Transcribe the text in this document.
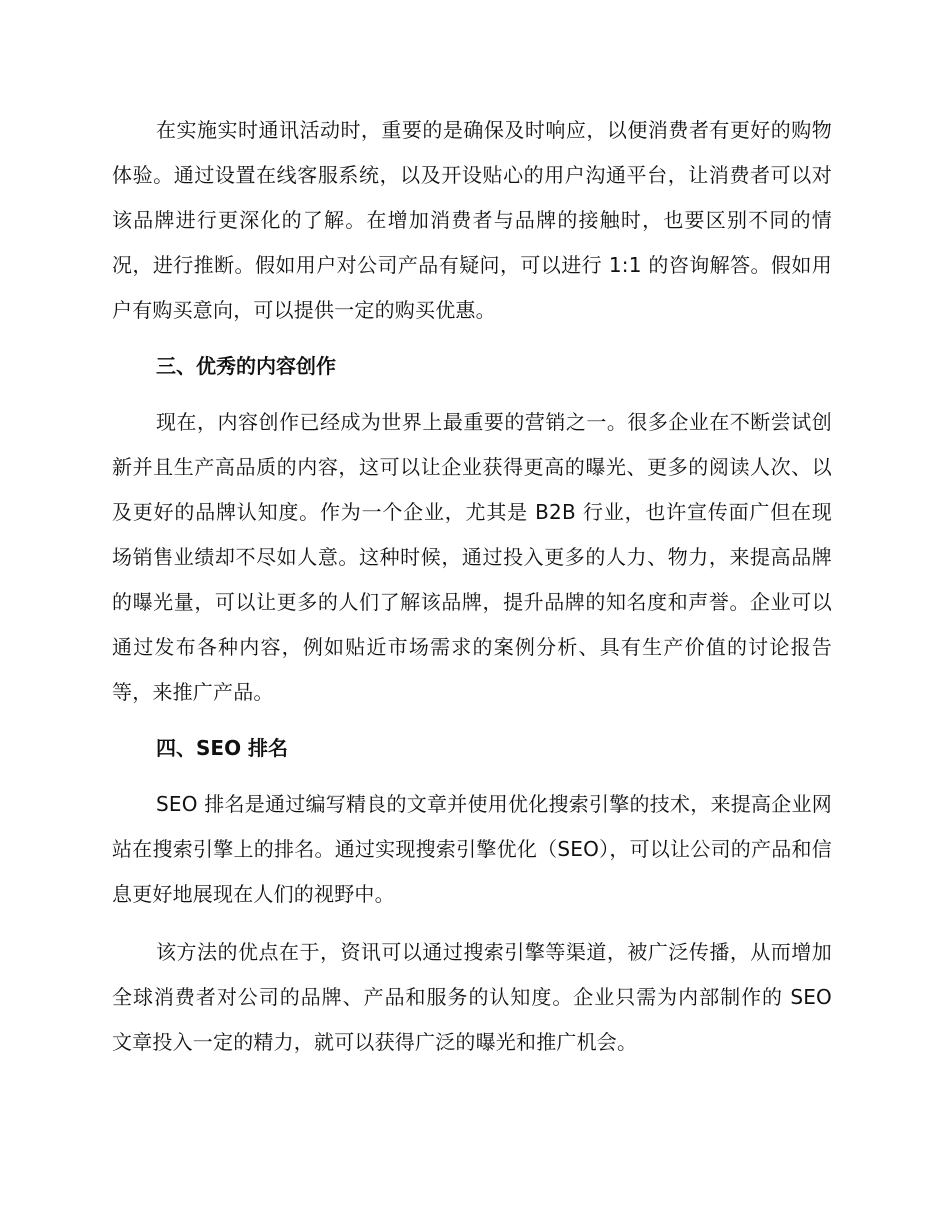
在实施实时通讯活动时，重要的是确保及时响应，以便消费者有更好的购物体验。通过设置在线客服系统，以及开设贴心的用户沟通平台，让消费者可以对该品牌进行更深化的了解。在增加消费者与品牌的接触时，也要区别不同的情况，进行推断。假如用户对公司产品有疑问，可以进行 1:1 的咨询解答。假如用户有购买意向，可以提供一定的购买优惠。

三、优秀的内容创作

现在，内容创作已经成为世界上最重要的营销之一。很多企业在不断尝试创新并且生产高品质的内容，这可以让企业获得更高的曝光、更多的阅读人次、以及更好的品牌认知度。作为一个企业，尤其是 B2B 行业，也许宣传面广但在现场销售业绩却不尽如人意。这种时候，通过投入更多的人力、物力，来提高品牌的曝光量，可以让更多的人们了解该品牌，提升品牌的知名度和声誉。企业可以通过发布各种内容，例如贴近市场需求的案例分析、具有生产价值的讨论报告等，来推广产品。

四、SEO 排名

SEO 排名是通过编写精良的文章并使用优化搜索引擎的技术，来提高企业网站在搜索引擎上的排名。通过实现搜索引擎优化（SEO），可以让公司的产品和信息更好地展现在人们的视野中。

该方法的优点在于，资讯可以通过搜索引擎等渠道，被广泛传播，从而增加全球消费者对公司的品牌、产品和服务的认知度。企业只需为内部制作的 SEO 文章投入一定的精力，就可以获得广泛的曝光和推广机会。
